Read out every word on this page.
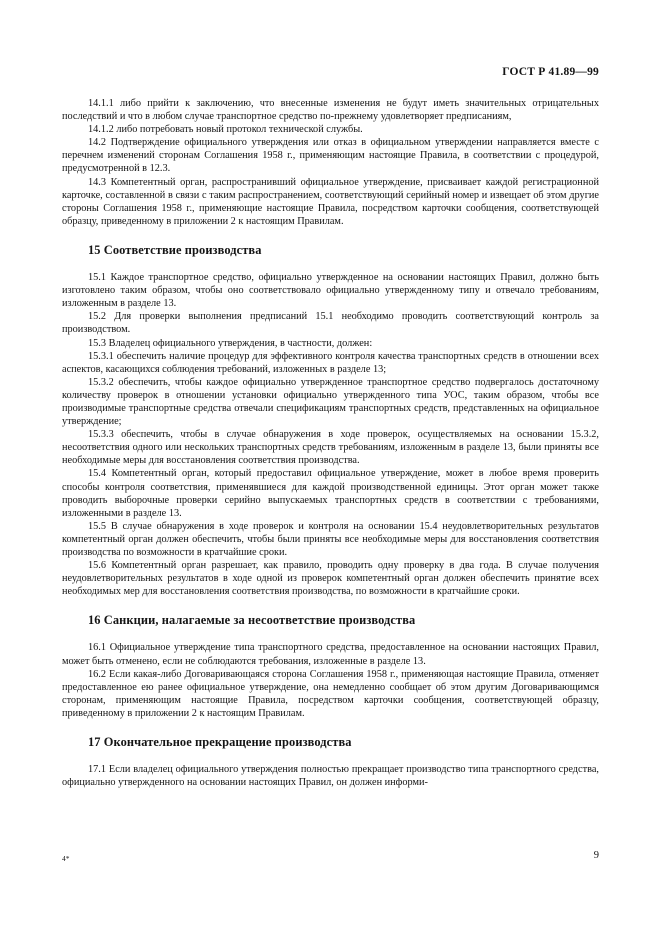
ГОСТ Р 41.89—99

14.1.1 либо прийти к заключению, что внесенные изменения не будут иметь значительных отрицательных последствий и что в любом случае транспортное средство по-прежнему удовлетворяет предписаниям,

14.1.2 либо потребовать новый протокол технической службы.

14.2 Подтверждение официального утверждения или отказ в официальном утверждении направляется вместе с перечнем изменений сторонам Соглашения 1958 г., применяющим настоящие Правила, в соответствии с процедурой, предусмотренной в 12.3.

14.3 Компетентный орган, распространивший официальное утверждение, присваивает каждой регистрационной карточке, составленной в связи с таким распространением, соответствующий серийный номер и извещает об этом другие стороны Соглашения 1958 г., применяющие настоящие Правила, посредством карточки сообщения, соответствующей образцу, приведенному в приложении 2 к настоящим Правилам.

15 Соответствие производства

15.1 Каждое транспортное средство, официально утвержденное на основании настоящих Правил, должно быть изготовлено таким образом, чтобы оно соответствовало официально утвержденному типу и отвечало требованиям, изложенным в разделе 13.

15.2 Для проверки выполнения предписаний 15.1 необходимо проводить соответствующий контроль за производством.

15.3 Владелец официального утверждения, в частности, должен:

15.3.1 обеспечить наличие процедур для эффективного контроля качества транспортных средств в отношении всех аспектов, касающихся соблюдения требований, изложенных в разделе 13;

15.3.2 обеспечить, чтобы каждое официально утвержденное транспортное средство подвергалось достаточному количеству проверок в отношении установки официально утвержденного типа УОС, таким образом, чтобы все производимые транспортные средства отвечали спецификациям транспортных средств, представленных на официальное утверждение;

15.3.3 обеспечить, чтобы в случае обнаружения в ходе проверок, осуществляемых на основании 15.3.2, несоответствия одного или нескольких транспортных средств требованиям, изложенным в разделе 13, были приняты все необходимые меры для восстановления соответствия производства.

15.4 Компетентный орган, который предоставил официальное утверждение, может в любое время проверить способы контроля соответствия, применявшиеся для каждой производственной единицы. Этот орган может также проводить выборочные проверки серийно выпускаемых транспортных средств в соответствии с требованиями, изложенными в разделе 13.

15.5 В случае обнаружения в ходе проверок и контроля на основании 15.4 неудовлетворительных результатов компетентный орган должен обеспечить, чтобы были приняты все необходимые меры для восстановления соответствия производства по возможности в кратчайшие сроки.

15.6 Компетентный орган разрешает, как правило, проводить одну проверку в два года. В случае получения неудовлетворительных результатов в ходе одной из проверок компетентный орган должен обеспечить принятие всех необходимых мер для восстановления соответствия производства, по возможности в кратчайшие сроки.

16 Санкции, налагаемые за несоответствие производства

16.1 Официальное утверждение типа транспортного средства, предоставленное на основании настоящих Правил, может быть отменено, если не соблюдаются требования, изложенные в разделе 13.

16.2 Если какая-либо Договаривающаяся сторона Соглашения 1958 г., применяющая настоящие Правила, отменяет предоставленное ею ранее официальное утверждение, она немедленно сообщает об этом другим Договаривающимся сторонам, применяющим настоящие Правила, посредством карточки сообщения, соответствующей образцу, приведенному в приложении 2 к настоящим Правилам.

17 Окончательное прекращение производства

17.1 Если владелец официального утверждения полностью прекращает производство типа транспортного средства, официально утвержденного на основании настоящих Правил, он должен информи-

4*	9
